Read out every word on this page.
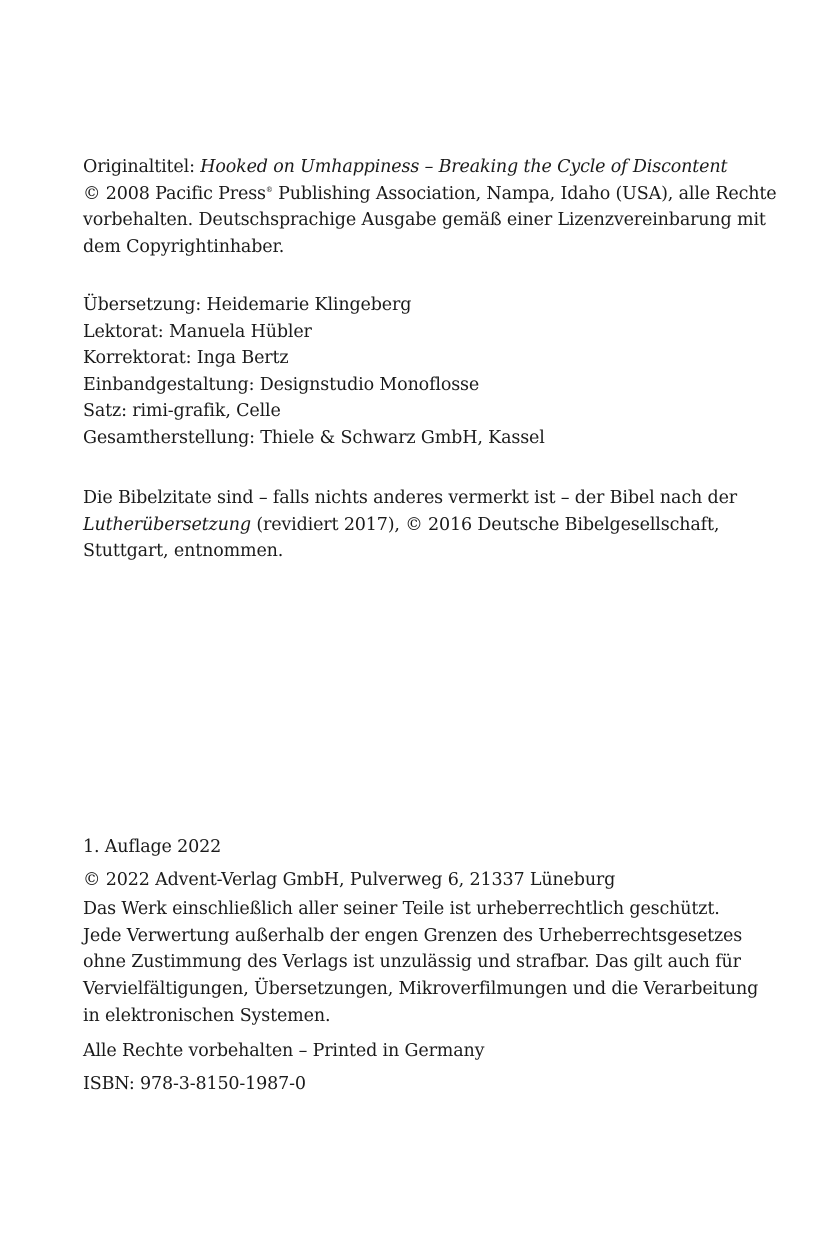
Originaltitel: Hooked on Umhappiness – Breaking the Cycle of Discontent
© 2008 Pacific Press® Publishing Association, Nampa, Idaho (USA), alle Rechte
vorbehalten. Deutschsprachige Ausgabe gemäß einer Lizenzvereinbarung mit
dem Copyrightinhaber.
Übersetzung: Heidemarie Klingeberg
Lektorat: Manuela Hübler
Korrektorat: Inga Bertz
Einbandgestaltung: Designstudio Monoflosse
Satz: rimi-grafik, Celle
Gesamtherstellung: Thiele & Schwarz GmbH, Kassel
Die Bibelzitate sind – falls nichts anderes vermerkt ist – der Bibel nach der
Lutherübersetzung (revidiert 2017), © 2016 Deutsche Bibelgesellschaft,
Stuttgart, entnommen.
1. Auflage 2022
© 2022 Advent-Verlag GmbH, Pulverweg 6, 21337 Lüneburg
Das Werk einschließlich aller seiner Teile ist urheberrechtlich geschützt.
Jede Verwertung außerhalb der engen Grenzen des Urheberrechtsgesetzes
ohne Zustimmung des Verlags ist unzulässig und strafbar. Das gilt auch für
Vervielfältigungen, Übersetzungen, Mikroverfilmungen und die Verarbeitung
in elektronischen Systemen.
Alle Rechte vorbehalten – Printed in Germany
ISBN: 978-3-8150-1987-0
